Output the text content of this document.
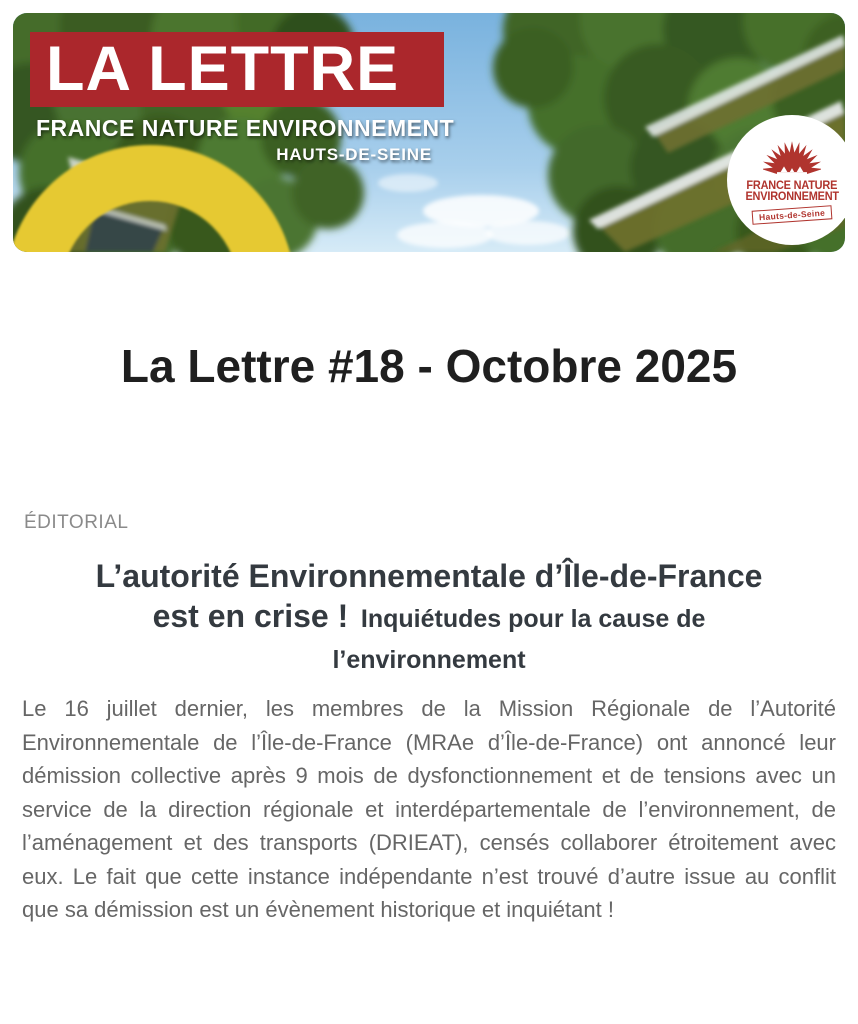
LA LETTRE
FRANCE NATURE ENVIRONNEMENT
HAUTS-DE-SEINE
FRANCE NATURE
ENVIRONNEMENT
Hauts-de-Seine
La Lettre #18 - Octobre 2025
ÉDITORIAL
L’autorité Environnementale d’Île-de-France
est en crise ! Inquiétudes pour la cause de
l’environnement

Le 16 juillet dernier, les membres de la Mission Régionale de l’Autorité Environnementale de l’Île-de-France (MRAe d’Île-de-France) ont annoncé leur démission collective après 9 mois de dysfonctionnement et de tensions avec un service de la direction régionale et interdépartementale de l’environnement, de l’aménagement et des transports (DRIEAT), censés collaborer étroitement avec eux. Le fait que cette instance indépendante n’est trouvé d’autre issue au conflit que sa démission est un évènement historique et inquiétant !
